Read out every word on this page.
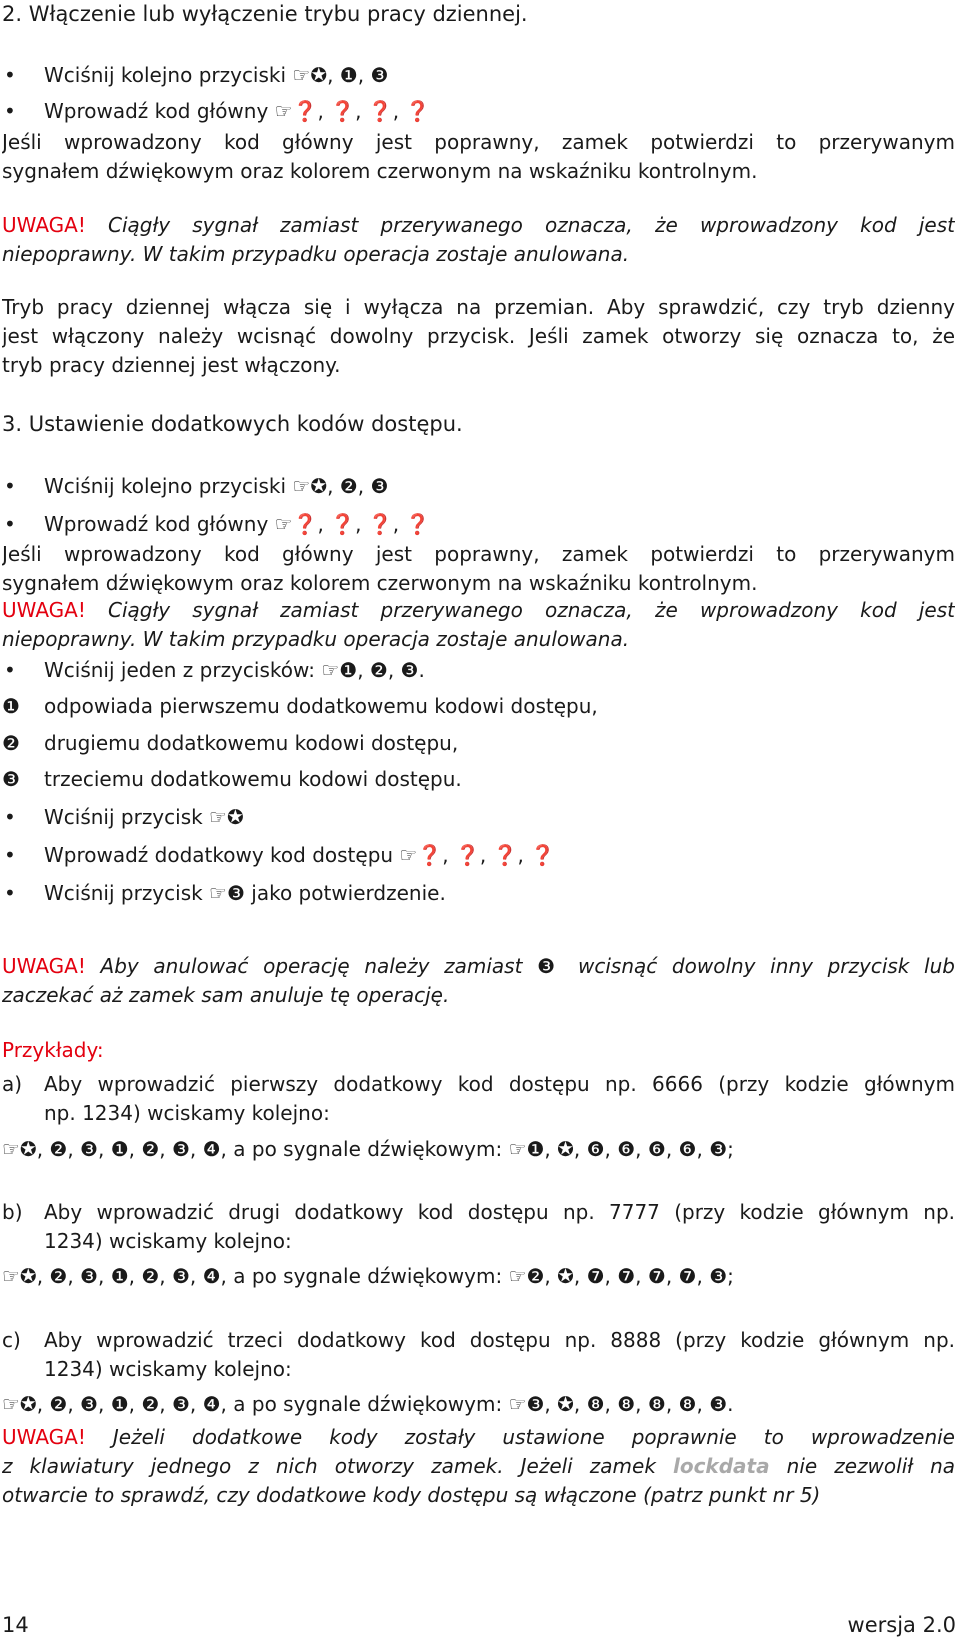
2. Włączenie lub wyłączenie trybu pracy dziennej.
• Wciśnij kolejno przyciski ☞✪, ❶, ❸
• Wprowadź kod główny ☞❓, ❓, ❓, ❓
Jeśli wprowadzony kod główny jest poprawny, zamek potwierdzi to przerywanym
sygnałem dźwiękowym oraz kolorem czerwonym na wskaźniku kontrolnym.
UWAGA! Ciągły sygnał zamiast przerywanego oznacza, że wprowadzony kod jest
niepoprawny. W takim przypadku operacja zostaje anulowana.
Tryb pracy dziennej włącza się i wyłącza na przemian. Aby sprawdzić, czy tryb dzienny
jest włączony należy wcisnąć dowolny przycisk. Jeśli zamek otworzy się oznacza to, że
tryb pracy dziennej jest włączony.
3. Ustawienie dodatkowych kodów dostępu.
• Wciśnij kolejno przyciski ☞✪, ❷, ❸
• Wprowadź kod główny ☞❓, ❓, ❓, ❓
Jeśli wprowadzony kod główny jest poprawny, zamek potwierdzi to przerywanym
sygnałem dźwiękowym oraz kolorem czerwonym na wskaźniku kontrolnym.
UWAGA! Ciągły sygnał zamiast przerywanego oznacza, że wprowadzony kod jest
niepoprawny. W takim przypadku operacja zostaje anulowana.
• Wciśnij jeden z przycisków: ☞❶, ❷, ❸.
❶ odpowiada pierwszemu dodatkowemu kodowi dostępu,
❷ drugiemu dodatkowemu kodowi dostępu,
❸ trzeciemu dodatkowemu kodowi dostępu.
• Wciśnij przycisk ☞✪
• Wprowadź dodatkowy kod dostępu ☞❓, ❓, ❓, ❓
• Wciśnij przycisk ☞❸ jako potwierdzenie.
UWAGA! Aby anulować operację należy zamiast ❸ wcisnąć dowolny inny przycisk lub
zaczekać aż zamek sam anuluje tę operację.
Przykłady:
a) Aby wprowadzić pierwszy dodatkowy kod dostępu np. 6666 (przy kodzie głównym
np. 1234) wciskamy kolejno:
☞✪, ❷, ❸, ❶, ❷, ❸, ❹, a po sygnale dźwiękowym: ☞❶, ✪, ❻, ❻, ❻, ❻, ❸;
b) Aby wprowadzić drugi dodatkowy kod dostępu np. 7777 (przy kodzie głównym np.
1234) wciskamy kolejno:
☞✪, ❷, ❸, ❶, ❷, ❸, ❹, a po sygnale dźwiękowym: ☞❷, ✪, ❼, ❼, ❼, ❼, ❸;
c) Aby wprowadzić trzeci dodatkowy kod dostępu np. 8888 (przy kodzie głównym np.
1234) wciskamy kolejno:
☞✪, ❷, ❸, ❶, ❷, ❸, ❹, a po sygnale dźwiękowym: ☞❸, ✪, ❽, ❽, ❽, ❽, ❸.
UWAGA! Jeżeli dodatkowe kody zostały ustawione poprawnie to wprowadzenie
z klawiatury jednego z nich otworzy zamek. Jeżeli zamek lockdata nie zezwolił na
otwarcie to sprawdź, czy dodatkowe kody dostępu są włączone (patrz punkt nr 5)
14	wersja 2.0
